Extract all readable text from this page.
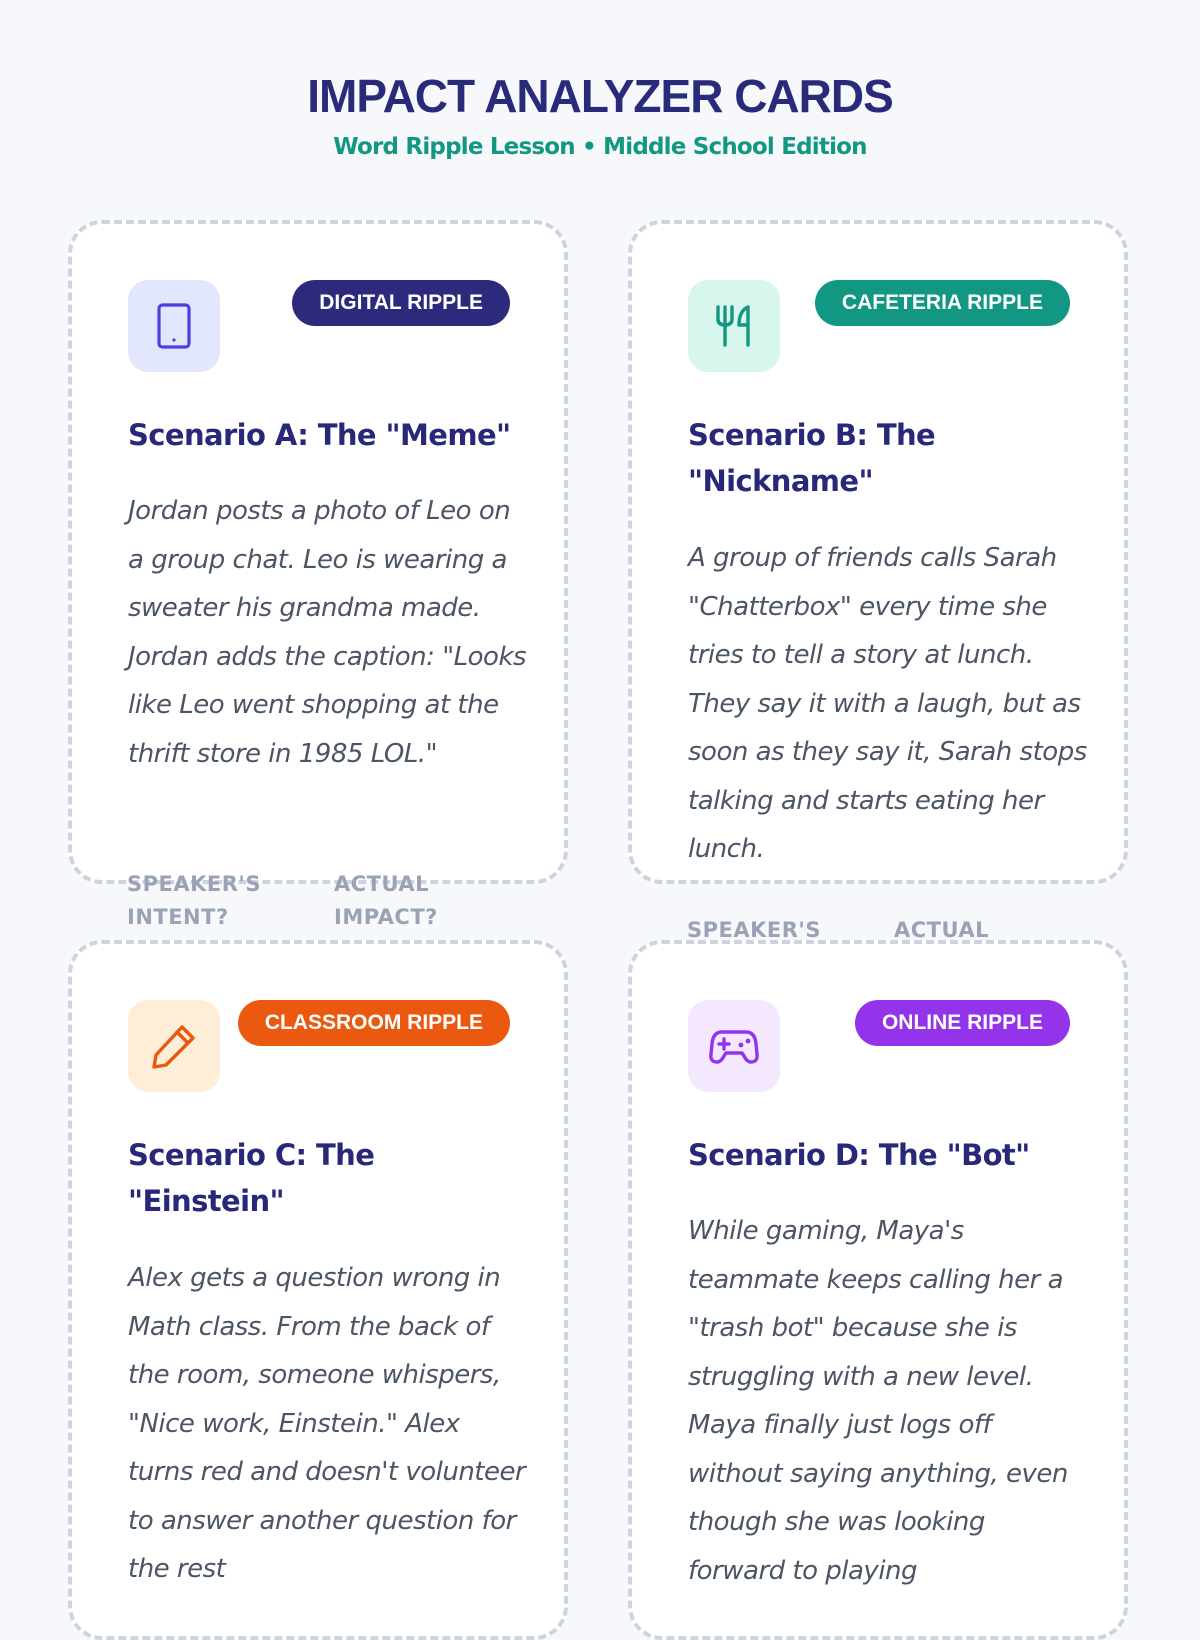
IMPACT ANALYZER CARDS
Word Ripple Lesson • Middle School Edition
DIGITAL RIPPLE
Scenario A: The "Meme"

Jordan posts a photo of Leo on a group chat. Leo is wearing a sweater his grandma made. Jordan adds the caption: "Looks like Leo went shopping at the thrift store in 1985 LOL."

CAFETERIA RIPPLE
Scenario B: The "Nickname"

A group of friends calls Sarah "Chatterbox" every time she tries to tell a story at lunch. They say it with a laugh, but as soon as they say it, Sarah stops talking and starts eating her lunch.

CLASSROOM RIPPLE
Scenario C: The "Einstein"

Alex gets a question wrong in Math class. From the back of the room, someone whispers, "Nice work, Einstein." Alex turns red and doesn't volunteer to answer another question for the rest

ONLINE RIPPLE
Scenario D: The "Bot"

While gaming, Maya's teammate keeps calling her a "trash bot" because she is struggling with a new level. Maya finally just logs off without saying anything, even though she was looking forward to playing

SPEAKER'S INTENT?
ACTUAL IMPACT?
SPEAKER'S	ACTUAL
